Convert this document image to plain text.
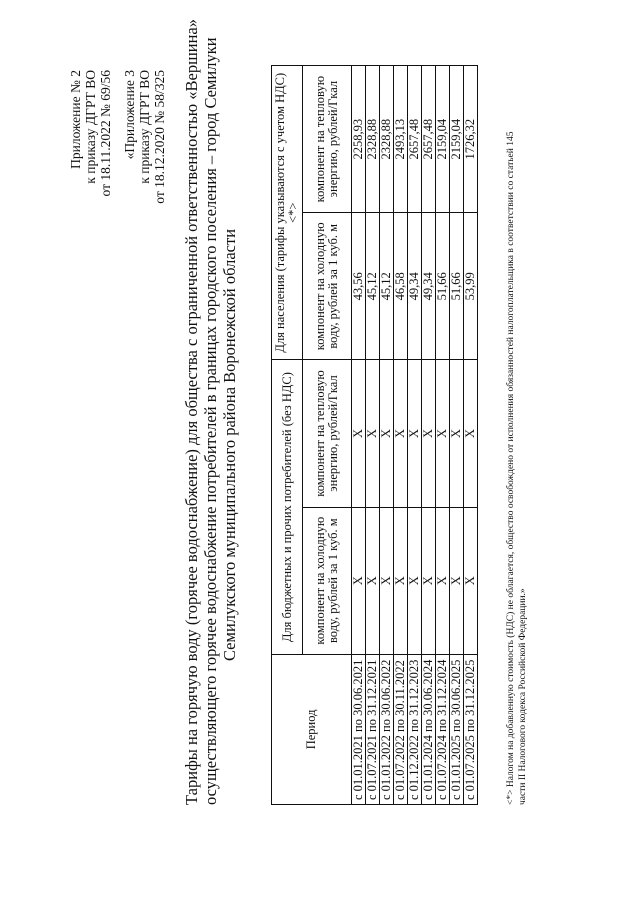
Приложение № 2 к приказу ДГРТ ВО от 18.11.2022 № 69/56 «Приложение 3 к приказу ДГРТ ВО от 18.12.2020 № 58/325 Тарифы на горячую воду (горячее водоснабжение) для общества с ограниченной ответственностью «Вершина» осуществляющего горячее водоснабжение потребителей в границах городского поселения – город Семилуки Семилукского муниципального района Воронежской области
Период	Для бюджетных и прочих потребителей (без НДС)		Для населения (тарифы указываются с учетом НДС) <*>	
	компонент на холодную воду, рублей за 1 куб. м	компонент на тепловую энергию, рублей/Гкал	компонент на холодную воду, рублей за 1 куб. м	компонент на тепловую энергию, рублей/Гкал
с 01.01.2021 по 30.06.2021	X	X	43,56	2258,93
с 01.07.2021 по 31.12.2021	X	X	45,12	2328,88
с 01.01.2022 по 30.06.2022	X	X	45,12	2328,88
с 01.07.2022 по 30.11.2022	X	X	46,58	2493,13
с 01.12.2022 по 31.12.2023	X	X	49,34	2657,48
с 01.01.2024 по 30.06.2024	X	X	49,34	2657,48
с 01.07.2024 по 31.12.2024	X	X	51,66	2159,04
с 01.01.2025 по 30.06.2025	X	X	51,66	2159,04
с 01.07.2025 по 31.12.2025	X	X	53,99	1726,32	<*> Налогом на добавленную стоимость (НДС) не облагается, общество освобождено от исполнения обязанностей налогоплательщика в соответствии со статьей 145 части II Налогового кодекса Российской Федерации.»
